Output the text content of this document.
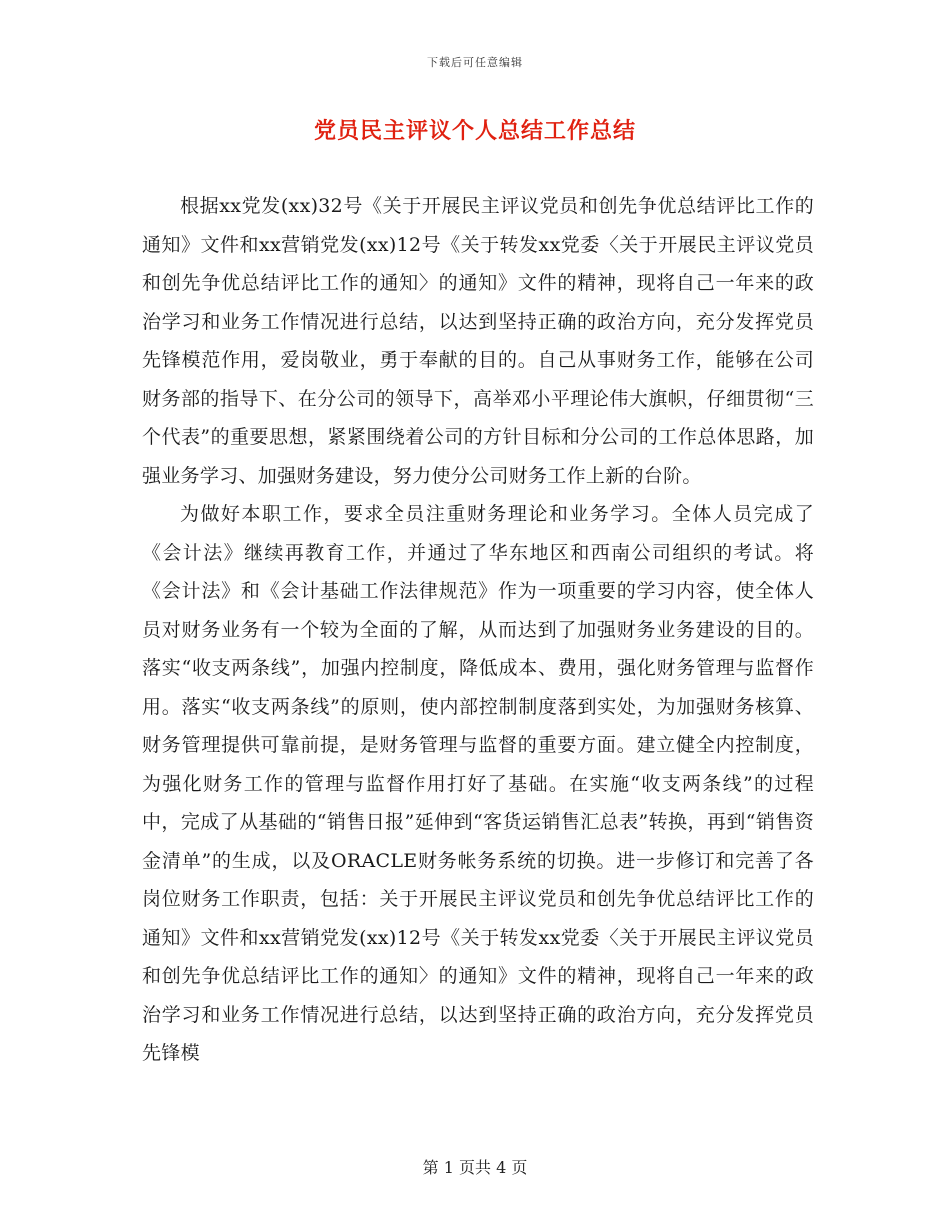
下载后可任意编辑
党员民主评议个人总结工作总结

根据xx党发(xx)32号《关于开展民主评议党员和创先争优总结评比工作的通知》文件和xx营销党发(xx)12号《关于转发xx党委〈关于开展民主评议党员和创先争优总结评比工作的通知〉的通知》文件的精神，现将自己一年来的政治学习和业务工作情况进行总结，以达到坚持正确的政治方向，充分发挥党员先锋模范作用，爱岗敬业，勇于奉献的目的。自己从事财务工作，能够在公司财务部的指导下、在分公司的领导下，高举邓小平理论伟大旗帜，仔细贯彻“三个代表”的重要思想，紧紧围绕着公司的方针目标和分公司的工作总体思路，加强业务学习、加强财务建设，努力使分公司财务工作上新的台阶。

为做好本职工作，要求全员注重财务理论和业务学习。全体人员完成了《会计法》继续再教育工作，并通过了华东地区和西南公司组织的考试。将《会计法》和《会计基础工作法律规范》作为一项重要的学习内容，使全体人员对财务业务有一个较为全面的了解，从而达到了加强财务业务建设的目的。落实“收支两条线”，加强内控制度，降低成本、费用，强化财务管理与监督作用。落实“收支两条线”的原则，使内部控制制度落到实处，为加强财务核算、财务管理提供可靠前提，是财务管理与监督的重要方面。建立健全内控制度，为强化财务工作的管理与监督作用打好了基础。在实施“收支两条线”的过程中，完成了从基础的“销售日报”延伸到“客货运销售汇总表”转换，再到“销售资金清单”的生成，以及ORACLE财务帐务系统的切换。进一步修订和完善了各岗位财务工作职责，包括：关于开展民主评议党员和创先争优总结评比工作的通知》文件和xx营销党发(xx)12号《关于转发xx党委〈关于开展民主评议党员和创先争优总结评比工作的通知〉的通知》文件的精神，现将自己一年来的政治学习和业务工作情况进行总结，以达到坚持正确的政治方向，充分发挥党员先锋模

第 1 页共 4 页
